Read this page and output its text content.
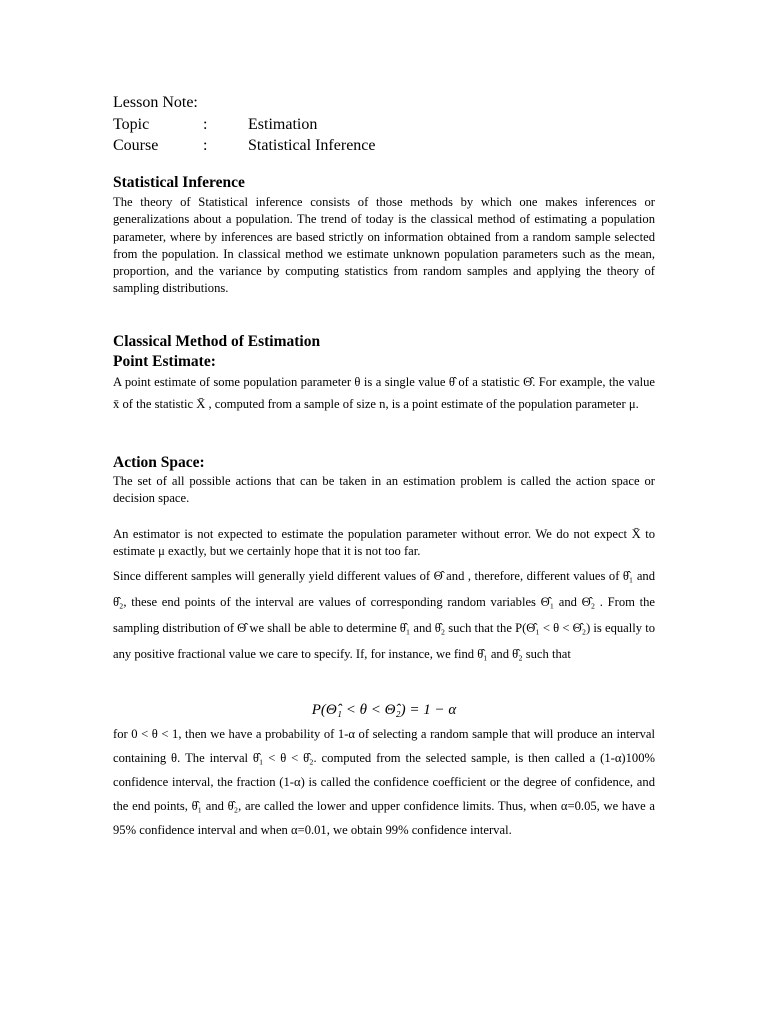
Lesson Note:
Topic	:	Estimation
Course	:	Statistical Inference
Statistical Inference
The theory of Statistical inference consists of those methods by which one makes inferences or generalizations about a population. The trend of today is the classical method of estimating a population parameter, where by inferences are based strictly on information obtained from a random sample selected from the population. In classical method we estimate unknown population parameters such as the mean, proportion, and the variance by computing statistics from random samples and applying the theory of sampling distributions.
Classical Method of Estimation
Point Estimate:
A point estimate of some population parameter θ is a single value θ̂ of a statistic Θ̂. For example, the value x̄ of the statistic X̄ , computed from a sample of size n, is a point estimate of the population parameter μ.
Action Space:
The set of all possible actions that can be taken in an estimation problem is called the action space or decision space.
An estimator is not expected to estimate the population parameter without error. We do not expect X̄ to estimate μ exactly, but we certainly hope that it is not too far.
Since different samples will generally yield different values of Θ̂ and , therefore, different values of θ̂₁ and θ̂₂, these end points of the interval are values of corresponding random variables Θ̂₁ and Θ̂₂ . From the sampling distribution of Θ̂ we shall be able to determine θ̂₁ and θ̂₂ such that the P(Θ̂₁ < θ < Θ̂₂) is equally to any positive fractional value we care to specify. If, for instance, we find θ̂₁ and θ̂₂ such that
P(Θ̂₁ < θ < Θ̂₂) = 1 − α
for 0 < θ < 1, then we have a probability of 1-α of selecting a random sample that will produce an interval containing θ. The interval θ̂₁ < θ < θ̂₂. computed from the selected sample, is then called a (1-α)100% confidence interval, the fraction (1-α) is called the confidence coefficient or the degree of confidence, and the end points, θ̂₁ and θ̂₂, are called the lower and upper confidence limits. Thus, when α=0.05, we have a 95% confidence interval and when α=0.01, we obtain 99% confidence interval.
